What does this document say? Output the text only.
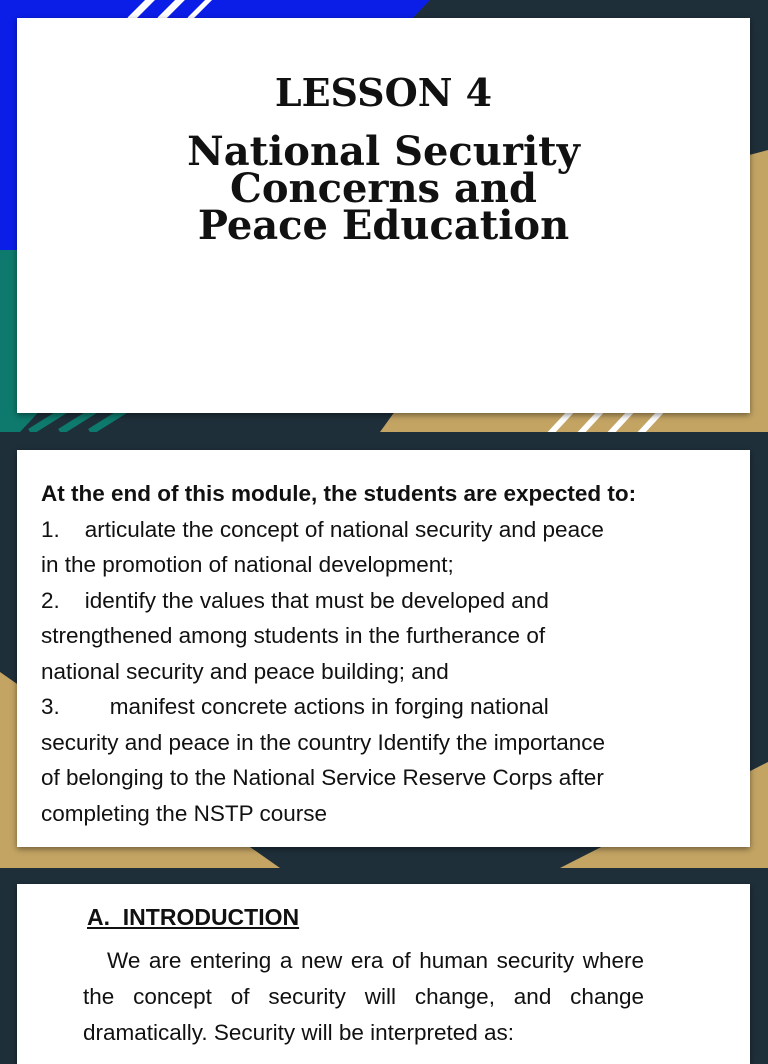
LESSON 4
National Security
Concerns and
Peace Education
At the end of this module, the students are expected to:
1.    articulate the concept of national security and peace
in the promotion of national development;
2.    identify the values that must be developed and
strengthened among students in the furtherance of
national security and peace building; and
3.        manifest concrete actions in forging national
security and peace in the country Identify the importance
of belonging to the National Service Reserve Corps after
completing the NSTP course
A.  INTRODUCTION
We are entering a new era of human security where the concept of security will change, and change dramatically. Security will be interpreted as:
